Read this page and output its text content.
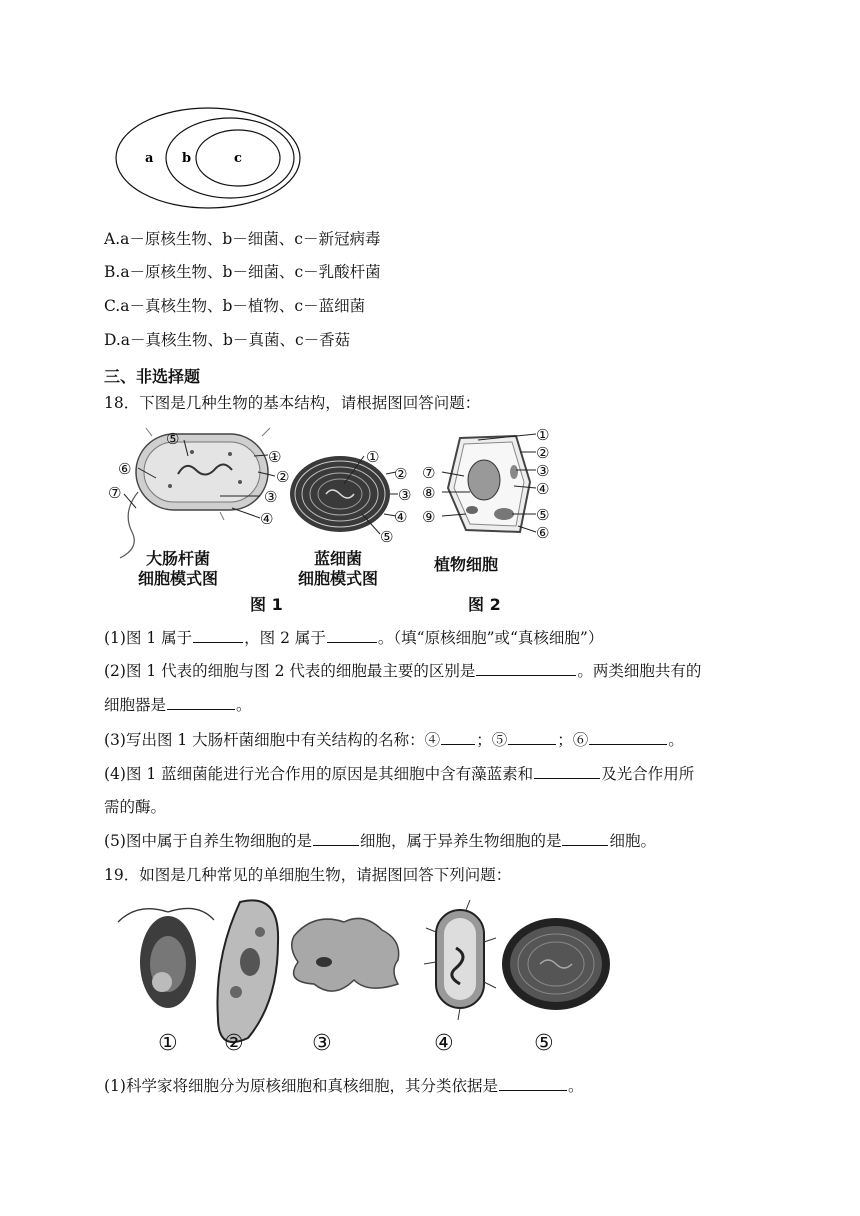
a b	c
A.a－原核生物、b－细菌、c－新冠病毒
B.a－原核生物、b－细菌、c－乳酸杆菌
C.a－真核生物、b－植物、c－蓝细菌
D.a－真核生物、b－真菌、c－香菇
三、非选择题
18．下图是几种生物的基本结构，请根据图回答问题：
⑤
⑥
⑦
①
②
③
④
①
②
③
④
⑤
①
②
③
④
⑤
⑥
⑦
⑧
⑨
大肠杆菌
细胞模式图
蓝细菌
细胞模式图
植物细胞
图 1	图 2
(1)图 1 属于	，图 2 属于	。（填“原核细胞”或“真核细胞”）
(2)图 1 代表的细胞与图 2 代表的细胞最主要的区别是	。两类细胞共有的
细胞器是	。
(3)写出图 1 大肠杆菌细胞中有关结构的名称：④ ；⑤	；⑥	。
(4)图 1 蓝细菌能进行光合作用的原因是其细胞中含有藻蓝素和	及光合作用所
需的酶。
(5)图中属于自养生物细胞的是	细胞，属于异养生物细胞的是	细胞。
19．如图是几种常见的单细胞生物，请据图回答下列问题：
① ②	③	④	⑤
(1)科学家将细胞分为原核细胞和真核细胞，其分类依据是	。
